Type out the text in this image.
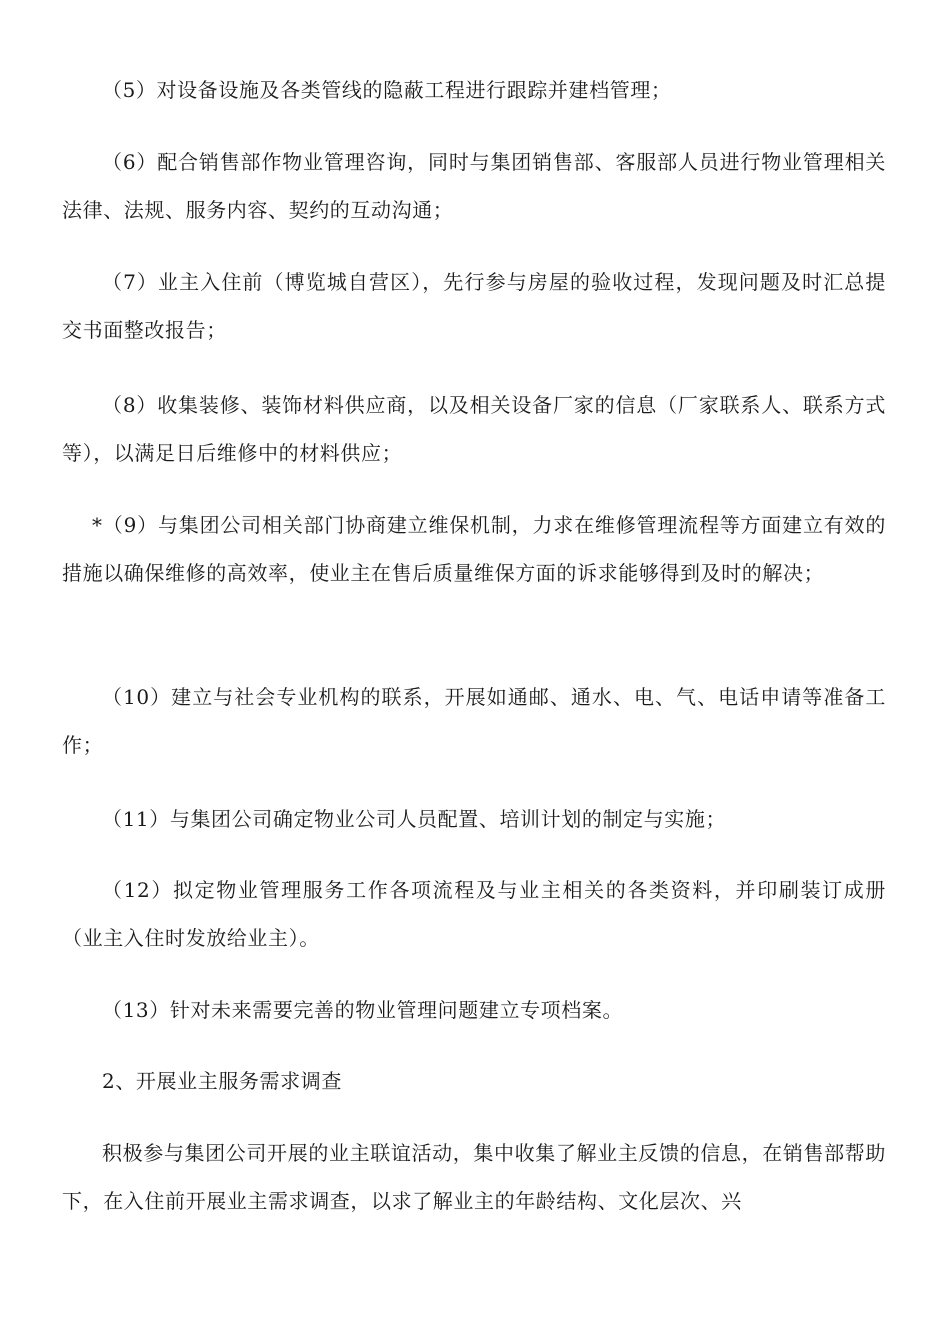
（5）对设备设施及各类管线的隐蔽工程进行跟踪并建档管理；

（6）配合销售部作物业管理咨询，同时与集团销售部、客服部人员进行物业管理相关法律、法规、服务内容、契约的互动沟通；

（7）业主入住前（博览城自营区），先行参与房屋的验收过程，发现问题及时汇总提交书面整改报告；

（8）收集装修、装饰材料供应商，以及相关设备厂家的信息（厂家联系人、联系方式等），以满足日后维修中的材料供应；

*（9）与集团公司相关部门协商建立维保机制，力求在维修管理流程等方面建立有效的措施以确保维修的高效率，使业主在售后质量维保方面的诉求能够得到及时的解决；

（10）建立与社会专业机构的联系，开展如通邮、通水、电、气、电话申请等准备工作；

（11）与集团公司确定物业公司人员配置、培训计划的制定与实施；

（12）拟定物业管理服务工作各项流程及与业主相关的各类资料，并印刷装订成册（业主入住时发放给业主）。

（13）针对未来需要完善的物业管理问题建立专项档案。

2、开展业主服务需求调查

积极参与集团公司开展的业主联谊活动，集中收集了解业主反馈的信息，在销售部帮助下，在入住前开展业主需求调查，以求了解业主的年龄结构、文化层次、兴
